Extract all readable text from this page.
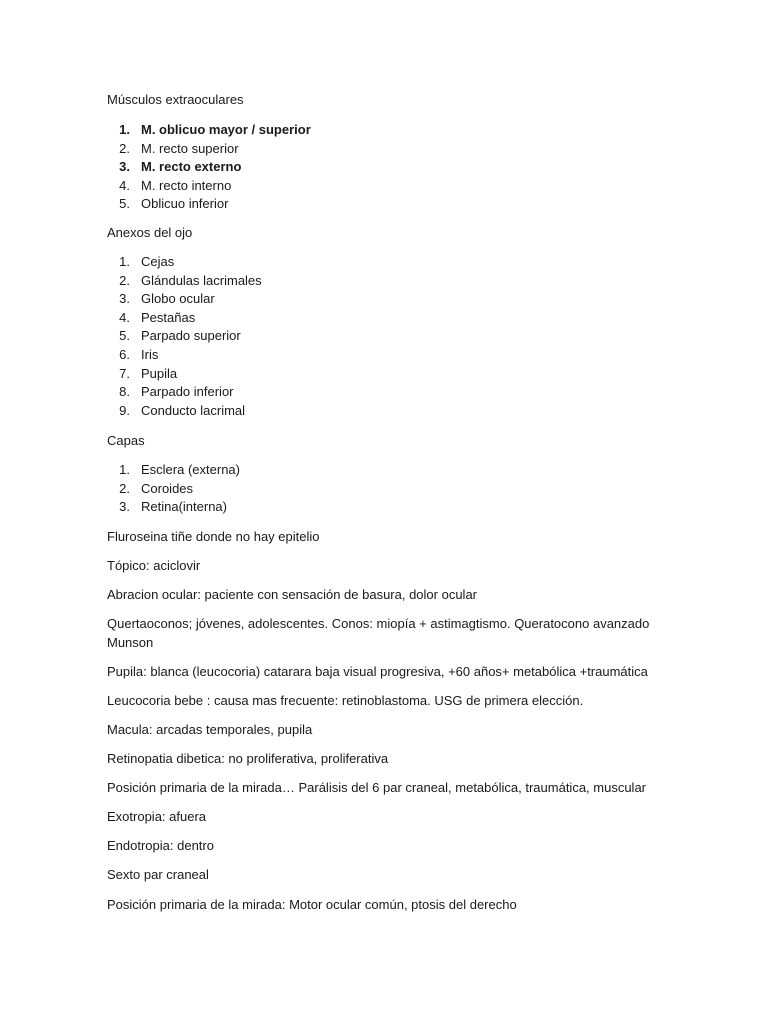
Músculos extraoculares

1. M. oblicuo mayor / superior
2. M. recto superior
3. M. recto externo
4. M. recto interno
5. Oblicuo inferior

Anexos del ojo

1. Cejas
2. Glándulas lacrimales
3. Globo ocular
4. Pestañas
5. Parpado superior
6. Iris
7. Pupila
8. Parpado inferior
9. Conducto lacrimal

Capas

1. Esclera (externa)
2. Coroides
3. Retina(interna)

Fluroseina tiñe donde no hay epitelio

Tópico: aciclovir

Abracion ocular: paciente con sensación de basura, dolor ocular

Quertaoconos; jóvenes, adolescentes. Conos: miopía + astimagtismo. Queratocono avanzado Munson

Pupila: blanca (leucocoria) catarara baja visual progresiva, +60 años+ metabólica +traumática

Leucocoria bebe : causa mas frecuente: retinoblastoma. USG de primera elección.

Macula: arcadas temporales, pupila

Retinopatia dibetica: no proliferativa, proliferativa

Posición primaria de la mirada… Parálisis del 6 par craneal, metabólica, traumática, muscular

Exotropia: afuera

Endotropia: dentro

Sexto par craneal

Posición primaria de la mirada: Motor ocular común, ptosis del derecho
